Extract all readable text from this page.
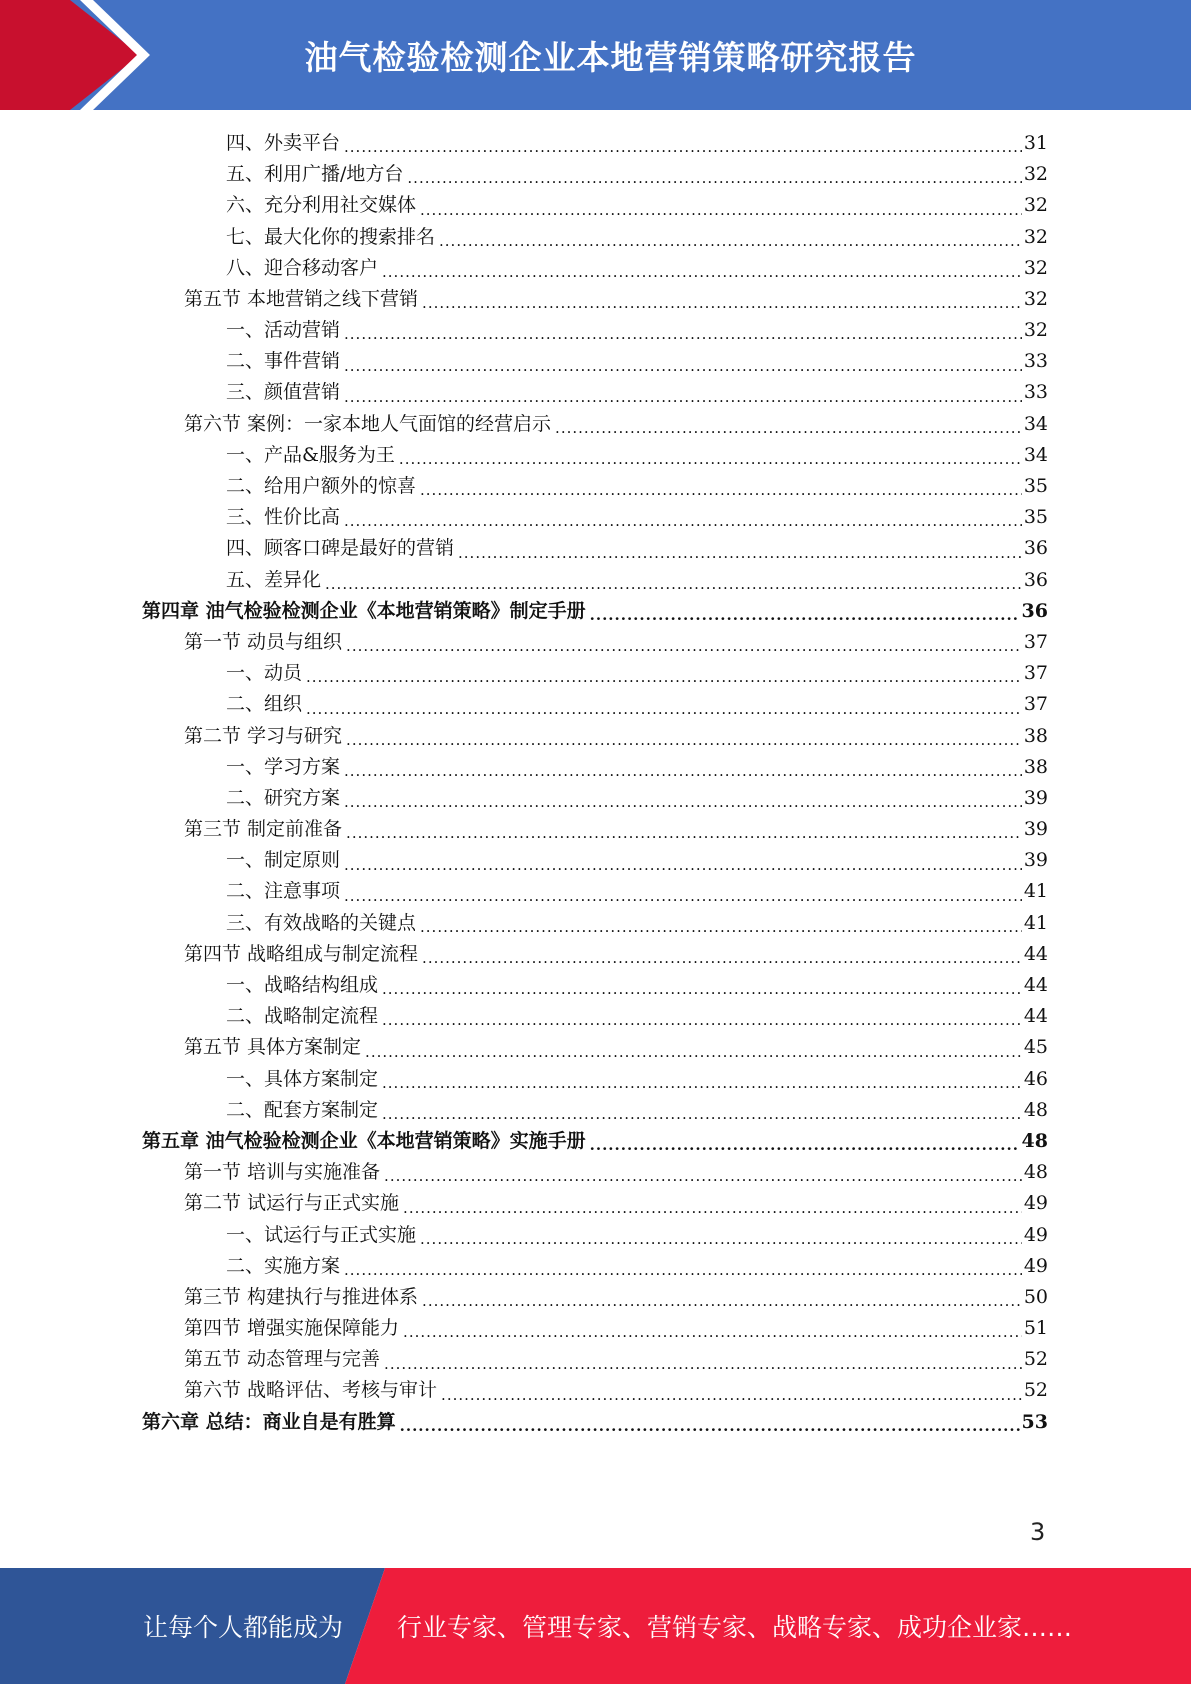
油气检验检测企业本地营销策略研究报告
四、外卖平台 .....	31
五、利用广播/地方台 .....	32
六、充分利用社交媒体 .....	32
七、最大化你的搜索排名 .....	32
八、迎合移动客户 .....	32
第五节 本地营销之线下营销 .....	32
一、活动营销 .....	32
二、事件营销 .....	33
三、颜值营销 .....	33
第六节 案例：一家本地人气面馆的经营启示 .....	34
一、产品&服务为王 .....	34
二、给用户额外的惊喜 .....	35
三、性价比高 .....	35
四、顾客口碑是最好的营销 .....	36
五、差异化 .....	36
第四章 油气检验检测企业《本地营销策略》制定手册 .....	36
第一节 动员与组织 .....	37
一、动员 .....	37
二、组织 .....	37
第二节 学习与研究 .....	38
一、学习方案 .....	38
二、研究方案 .....	39
第三节 制定前准备 .....	39
一、制定原则 .....	39
二、注意事项 .....	41
三、有效战略的关键点 .....	41
第四节 战略组成与制定流程 .....	44
一、战略结构组成 .....	44
二、战略制定流程 .....	44
第五节 具体方案制定 .....	45
一、具体方案制定 .....	46
二、配套方案制定 .....	48
第五章 油气检验检测企业《本地营销策略》实施手册 .....	48
第一节 培训与实施准备 .....	48
第二节 试运行与正式实施 .....	49
一、试运行与正式实施 .....	49
二、实施方案 .....	49
第三节 构建执行与推进体系 .....	50
第四节 增强实施保障能力 .....	51
第五节 动态管理与完善 .....	52
第六节 战略评估、考核与审计 .....	52
第六章 总结：商业自是有胜算 .....	53
3
让每个人都能成为 行业专家、管理专家、营销专家、战略专家、成功企业家……
